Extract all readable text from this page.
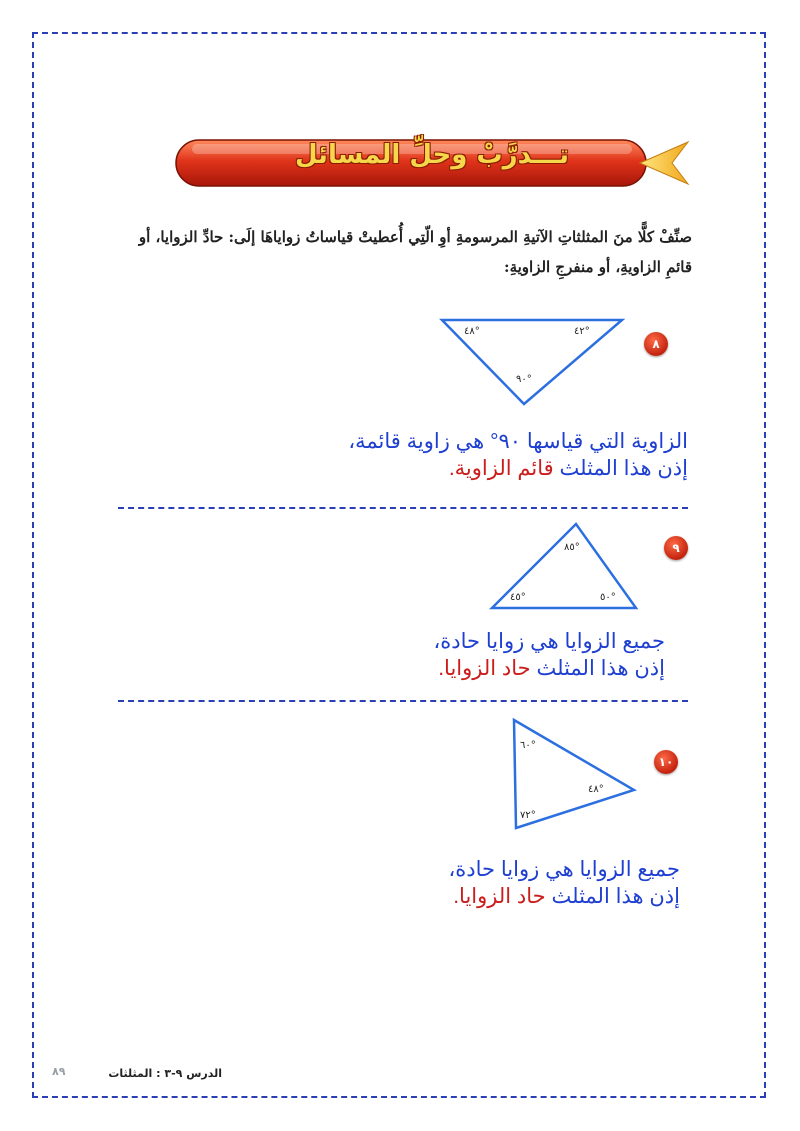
تـــدرَّبْ وحلِّ المسائل
صنِّفْ كلًّا منَ المثلثاتِ الآتيةِ المرسومةِ أوِ الّتِي أُعطيتْ قياساتُ زواياهَا إلَى: حادِّ الزوايا، أو
قائمِ الزاويةِ، أو منفرجِ الزاويةِ:
٨
٤٨°	٤٢°
٩٠°
الزاوية التي قياسها ٩٠° هي زاوية قائمة،
إذن هذا المثلث قائم الزاوية.
٩
٨٥°
٤٥°	٥٠°
جميع الزوايا هي زوايا حادة،
إذن هذا المثلث حاد الزوايا.
١٠
٦٠°
٤٨°
٧٢°
جميع الزوايا هي زوايا حادة،
إذن هذا المثلث حاد الزوايا.
٨٩	الدرس ٩-٣ : المثلثات
